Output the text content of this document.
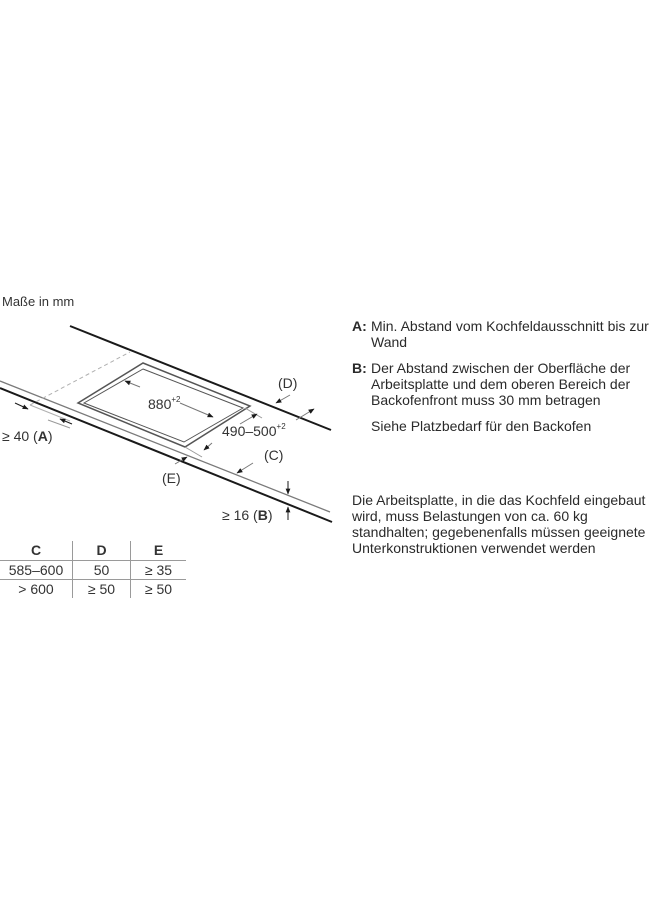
Maße in mm
$880^{+2}$
$490-500^{+2}$
(D)
(C)
(E)
≥ 40 (A)
≥ 16 (B)
C	D	E
585–600	50	≥ 35
> 600	≥ 50	≥ 50
A: Min. Abstand vom Kochfeldausschnitt bis zur Wand
B: Der Abstand zwischen der Oberfläche der Arbeitsplatte und dem oberen Bereich der Backofenfront muss 30 mm betragen
Siehe Platzbedarf für den Backofen
Die Arbeitsplatte, in die das Kochfeld eingebaut wird, muss Belastungen von ca. 60 kg standhalten; gegebenenfalls müssen geeignete Unterkonstruktionen verwendet werden
